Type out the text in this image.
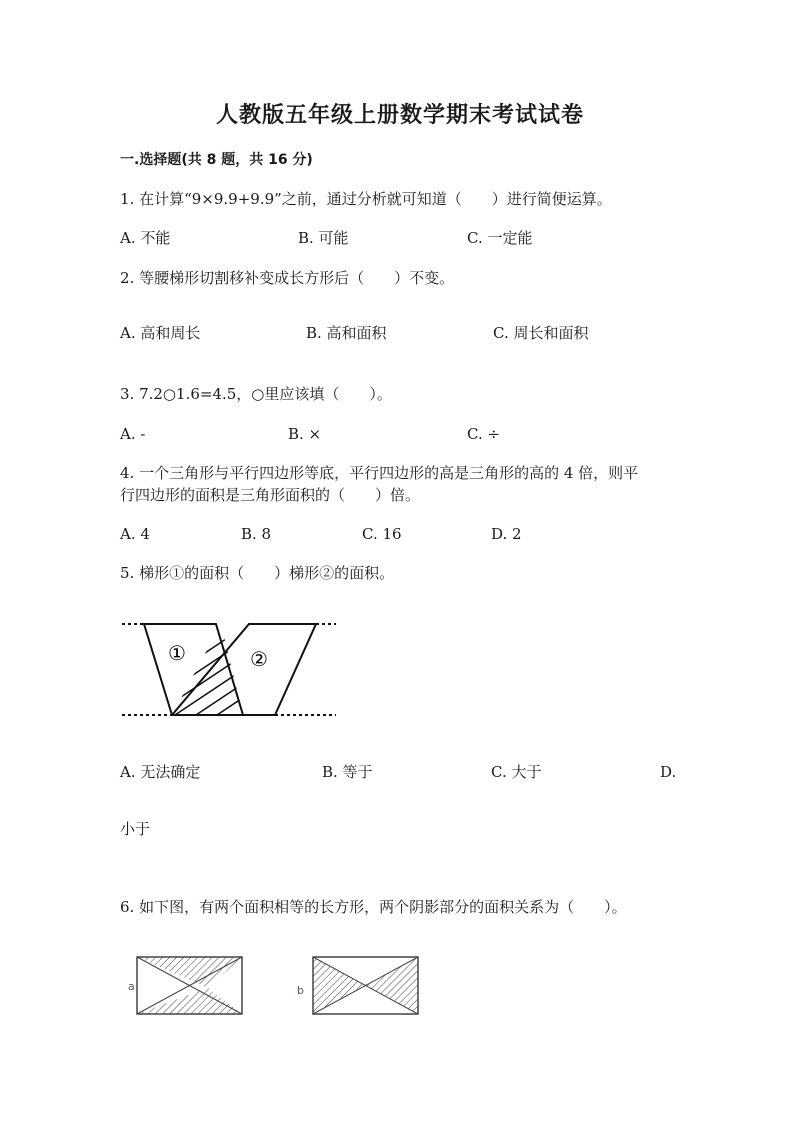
人教版五年级上册数学期末考试试卷
一.选择题(共 8 题，共 16 分)
1. 在计算“9×9.9+9.9”之前，通过分析就可知道（　　）进行简便运算。
A. 不能	B. 可能	C. 一定能
2. 等腰梯形切割移补变成长方形后（　　）不变。
A. 高和周长	B. 高和面积	C. 周长和面积
3. 7.2○1.6=4.5，○里应该填（　　）。
A. -	B. ×	C. ÷
4. 一个三角形与平行四边形等底，平行四边形的高是三角形的高的 4 倍，则平
行四边形的面积是三角形面积的（　　）倍。
A. 4	B. 8	C. 16	D. 2
5. 梯形①的面积（　　）梯形②的面积。
①	②
A. 无法确定	B. 等于	C. 大于	D.
小于
6. 如下图，有两个面积相等的长方形，两个阴影部分的面积关系为（　　）。
a	b
